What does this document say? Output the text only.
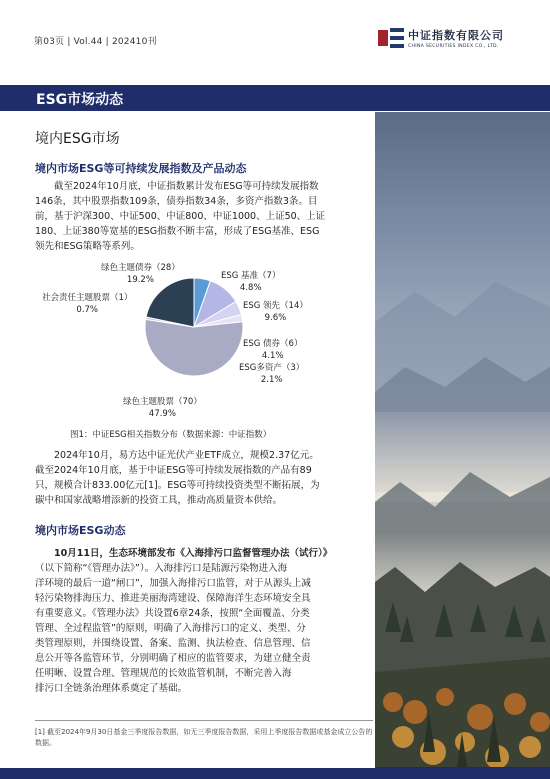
第03页 | Vol.44 | 202410刊	中证指数有限公司
CHINA SECURITIES INDEX CO., LTD.
ESG市场动态
境内ESG市场
境内市场ESG等可持续发展指数及产品动态
截至2024年10月底，中证指数累计发布ESG等可持续发展指数
146条，其中股票指数109条，债券指数34条，多资产指数3条。目
前，基于沪深300、中证500、中证800、中证1000、上证50、上证
180、上证380等宽基的ESG指数不断丰富，形成了ESG基准、ESG
领先和ESG策略等系列。
绿色主题债券（28）
19.2%
社会责任主题股票（1）
0.7%
ESG 基准（7）
4.8%
ESG 领先（14）
9.6%
ESG 债券（6）
4.1%
ESG多资产（3）
2.1%
绿色主题股票（70）
47.9%
图1：中证ESG相关指数分布（数据来源：中证指数）
2024年10月，易方达中证光伏产业ETF成立，规模2.37亿元。
截至2024年10月底，基于中证ESG等可持续发展指数的产品有89
只，规模合计833.00亿元[1]。ESG等可持续投资类型不断拓展，为
碳中和国家战略增添新的投资工具，推动高质量资本供给。
境内市场ESG动态
10月11日，生态环境部发布《入海排污口监督管理办法（试行）》
（以下简称“《管理办法》”）。入海排污口是陆源污染物进入海
洋环境的最后一道“闸口”，加强入海排污口监管，对于从源头上减
轻污染物排海压力、推进美丽海湾建设、保障海洋生态环境安全具
有重要意义。《管理办法》共设置6章24条，按照“全面覆盖、分类
管理、全过程监管”的原则，明确了入海排污口的定义、类型、分
类管理原则，并围绕设置、备案、监测、执法检查、信息管理、信
息公开等各监管环节，分别明确了相应的监管要求，为建立健全责
任明晰、设置合理、管理规范的长效监管机制，不断完善入海
排污口全链条治理体系奠定了基础。
[1] 截至2024年9月30日基金三季度报告数据，如无三季度报告数据，采用上季度报告数据或基金成立公告的数据。
